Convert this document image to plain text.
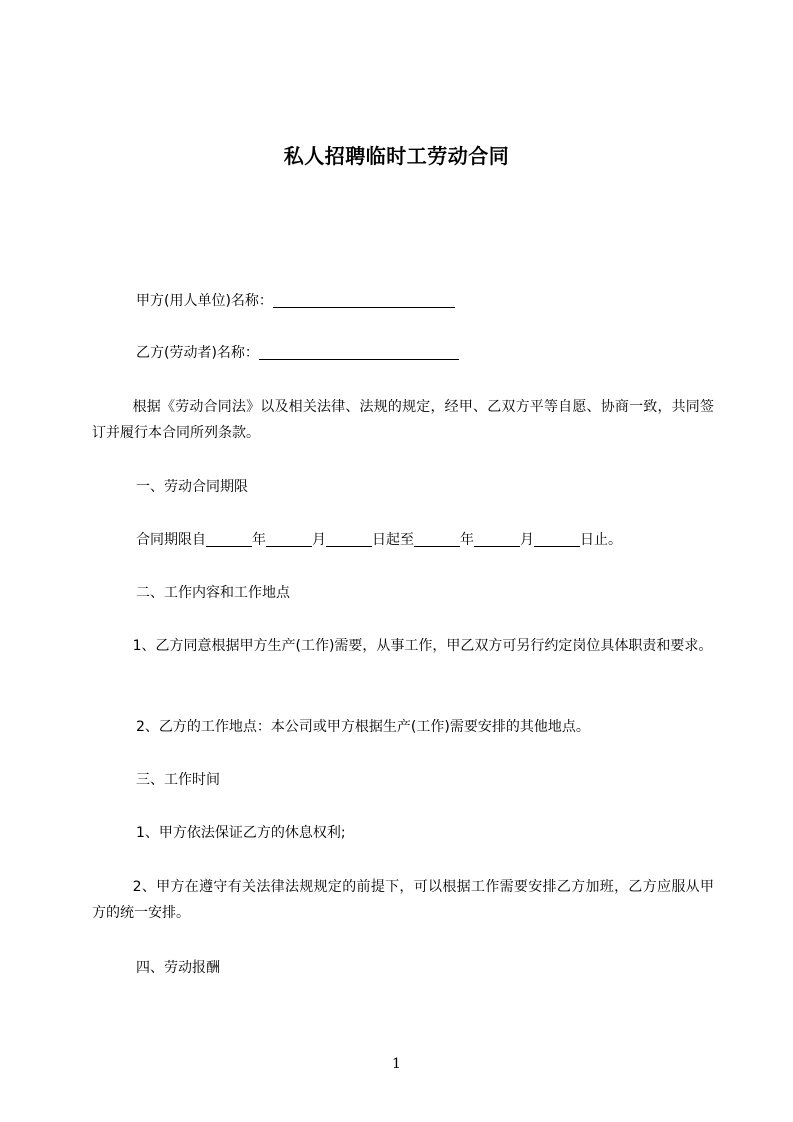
私人招聘临时工劳动合同
甲方(用人单位)名称：
乙方(劳动者)名称：
根据《劳动合同法》以及相关法律、法规的规定，经甲、乙双方平等自愿、协商一致，共同签订并履行本合同所列条款。
一、劳动合同期限
合同期限自	年	月	日起至	年	月	日止。
二、工作内容和工作地点
1、乙方同意根据甲方生产(工作)需要，从事工作，甲乙双方可另行约定岗位具体职责和要求。
2、乙方的工作地点：本公司或甲方根据生产(工作)需要安排的其他地点。
三、工作时间
1、甲方依法保证乙方的休息权利;
2、甲方在遵守有关法律法规规定的前提下，可以根据工作需要安排乙方加班，乙方应服从甲方的统一安排。
四、劳动报酬
1
